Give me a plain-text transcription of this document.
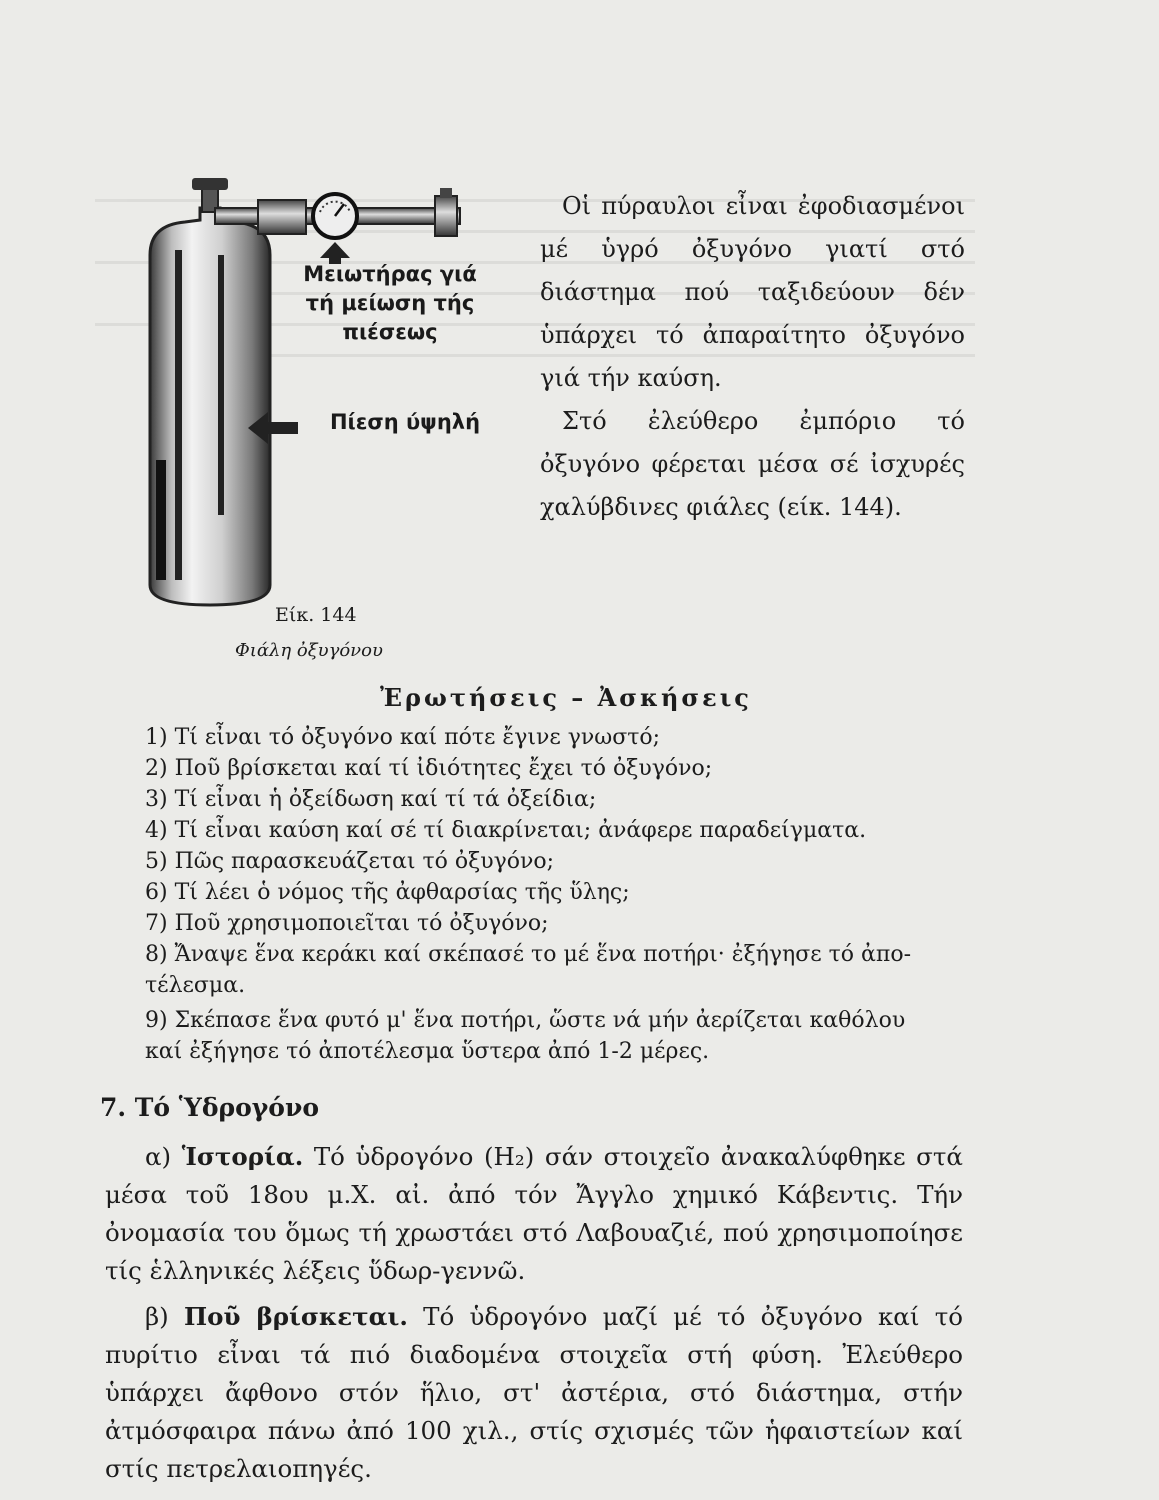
Μειωτήρας γιά
τή μείωση τής
πιέσεως
Πίεση ύψηλή
Είκ. 144
Φιάλη ὀξυγόνου

Οἱ πύραυλοι εἶναι ἐφοδιασμένοι μέ ὑγρό ὀξυγόνο γιατί στό διάστημα πού ταξιδεύουν δέν ὑπάρχει τό ἀπαραίτητο ὀξυγόνο γιά τήν καύση.

Στό ἐλεύθερο ἐμπόριο τό ὀξυγόνο φέρεται μέσα σέ ἰσχυρές χαλύβδινες φιάλες (είκ. 144).

Ἐρωτήσεις – Ἀσκήσεις
1) Τί εἶναι τό ὀξυγόνο καί πότε ἔγινε γνωστό;
2) Ποῦ βρίσκεται καί τί ἰδιότητες ἔχει τό ὀξυγόνο;
3) Τί εἶναι ἡ ὀξείδωση καί τί τά ὀξείδια;
4) Τί εἶναι καύση καί σέ τί διακρίνεται; ἀνάφερε παραδείγματα.
5) Πῶς παρασκευάζεται τό ὀξυγόνο;
6) Τί λέει ὁ νόμος τῆς ἀφθαρσίας τῆς ὕλης;
7) Ποῦ χρησιμοποιεῖται τό ὀξυγόνο;
8) Ἄναψε ἕνα κεράκι καί σκέπασέ το μέ ἕνα ποτήρι· ἐξήγησε τό ἀπο-
τέλεσμα.
9) Σκέπασε ἕνα φυτό μ' ἕνα ποτήρι, ὥστε νά μήν ἀερίζεται καθόλου
καί ἐξήγησε τό ἀποτέλεσμα ὕστερα ἀπό 1-2 μέρες.
7. Τό Ὑδρογόνο

α) Ἱστορία. Τό ὑδρογόνο (H₂) σάν στοιχεῖο ἀνακαλύφθηκε στά μέσα τοῦ 18ου μ.Χ. αἰ. ἀπό τόν Ἄγγλο χημικό Κάβεντις. Τήν ὀνομασία του ὅμως τή χρωστάει στό Λαβουαζιέ, πού χρησιμοποίησε τίς ἑλληνικές λέξεις ὕδωρ-γεννῶ.

β) Ποῦ βρίσκεται. Τό ὑδρογόνο μαζί μέ τό ὀξυγόνο καί τό πυρίτιο εἶναι τά πιό διαδομένα στοιχεῖα στή φύση. Ἐλεύθερο ὑπάρχει ἄφθονο στόν ἥλιο, στ' ἀστέρια, στό διάστημα, στήν ἀτμόσφαιρα πάνω ἀπό 100 χιλ., στίς σχισμές τῶν ἡφαιστείων καί στίς πετρελαιοπηγές.
